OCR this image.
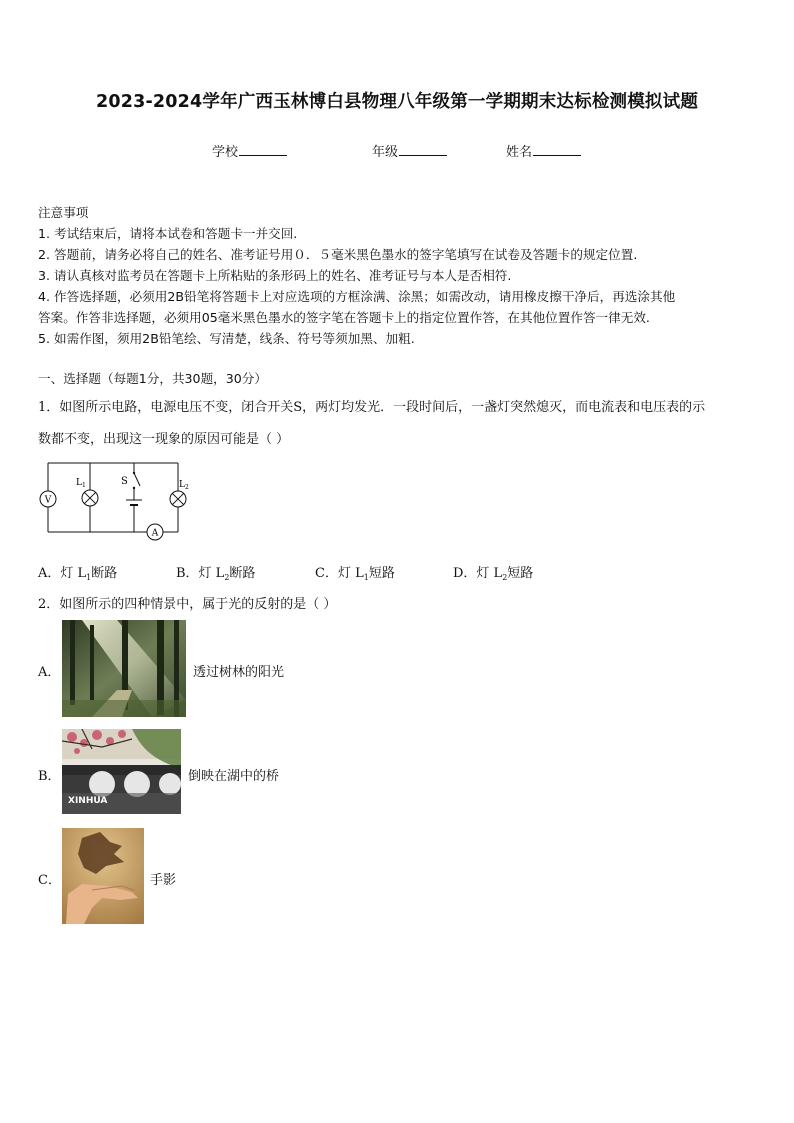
2023-2024学年广西玉林博白县物理八年级第一学期期末达标检测模拟试题
学校	年级	姓名
注意事项
1. 考试结束后，请将本试卷和答题卡一并交回.
2. 答题前，请务必将自己的姓名、准考证号用０．５毫米黑色墨水的签字笔填写在试卷及答题卡的规定位置.
3. 请认真核对监考员在答题卡上所粘贴的条形码上的姓名、准考证号与本人是否相符.
4. 作答选择题，必须用2B铅笔将答题卡上对应选项的方框涂满、涂黑；如需改动，请用橡皮擦干净后，再选涂其他
答案。作答非选择题，必须用05毫米黑色墨水的签字笔在答题卡上的指定位置作答，在其他位置作答一律无效.
5. 如需作图，须用2B铅笔绘、写清楚，线条、符号等须加黑、加粗.
一、选择题（每题1分，共30题，30分）
1．如图所示电路，电源电压不变，闭合开关S，两灯均发光．一段时间后，一盏灯突然熄灭，而电流表和电压表的示
数都不变，出现这一现象的原因可能是（ ）
V
$L_1$	S	$L_2$
A
A．灯 $L_1$断路	B．灯 $L_2$断路	C．灯 $L_1$短路	D．灯 $L_2$短路
2．如图所示的四种情景中，属于光的反射的是（ ）
A．	透过树林的阳光
B．
XINHUA
倒映在湖中的桥
C．	手影
